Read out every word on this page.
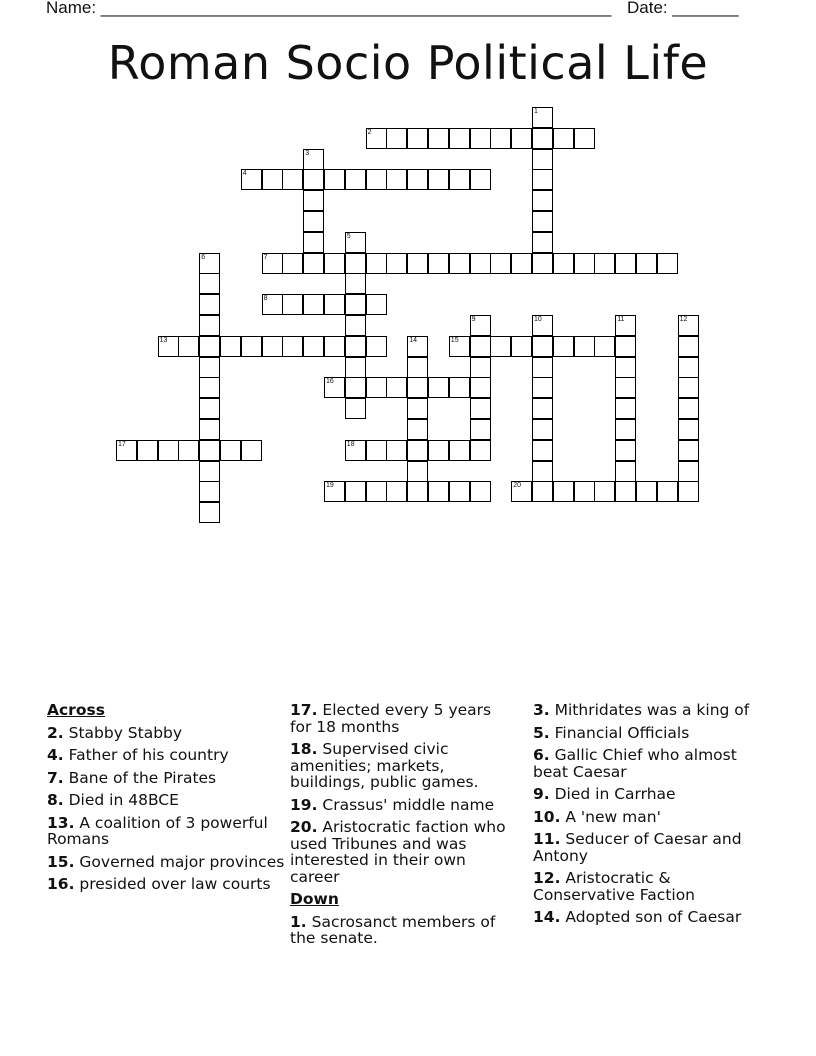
Name: ______________________________________________________ Date: _______
Roman Socio Political Life
1
2
3
4
5
6	7
8
9	10	11	12
13	14	15
16
17	18
19	20
Across
2. Stabby Stabby
4. Father of his country
7. Bane of the Pirates
8. Died in 48BCE
13. A coalition of 3 powerful Romans
15. Governed major provinces
16. presided over law courts
17. Elected every 5 years for 18 months
18. Supervised civic amenities; markets, buildings, public games.
19. Crassus' middle name
20. Aristocratic faction who used Tribunes and was interested in their own career
Down
1. Sacrosanct members of the senate.
3. Mithridates was a king of
5. Financial Officials
6. Gallic Chief who almost beat Caesar
9. Died in Carrhae
10. A 'new man'
11. Seducer of Caesar and Antony
12. Aristocratic & Conservative Faction
14. Adopted son of Caesar
